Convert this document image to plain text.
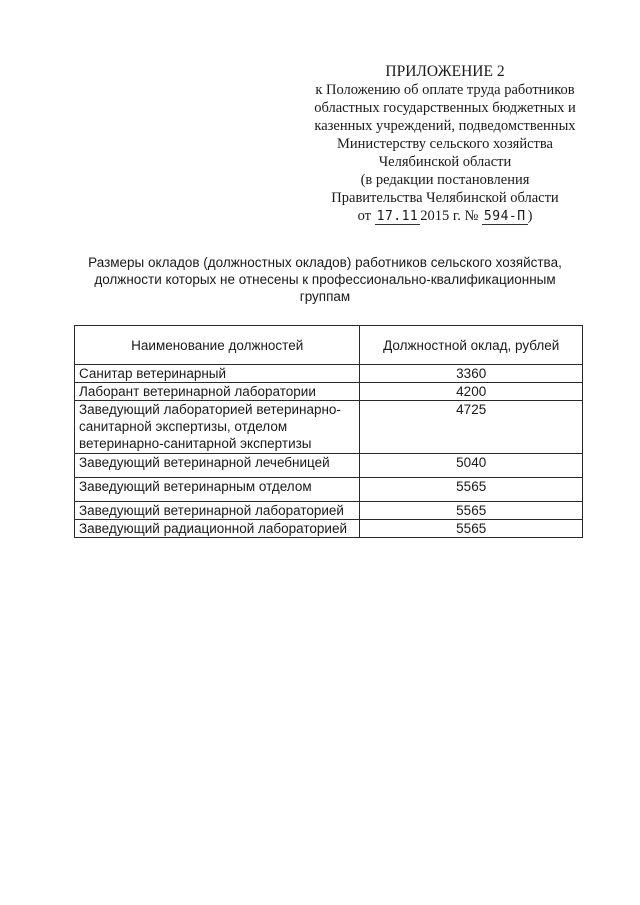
ПРИЛОЖЕНИЕ 2
к Положению об оплате труда работников
областных государственных бюджетных и
казенных учреждений, подведомственных
Министерству сельского хозяйства
Челябинской области
(в редакции постановления
Правительства Челябинской области
от 17.11 2015 г. № 594-П )
Размеры окладов (должностных окладов) работников сельского хозяйства,
должности которых не отнесены к профессионально-квалификационным
группам
Наименование должностей	Должностной оклад, рублей
Санитар ветеринарный	3360
Лаборант ветеринарной лаборатории	4200
Заведующий лабораторией ветеринарно-санитарной экспертизы, отделом ветеринарно-санитарной экспертизы	4725
Заведующий ветеринарной лечебницей	5040
Заведующий ветеринарным отделом	5565
Заведующий ветеринарной лабораторией	5565
Заведующий радиационной лабораторией	5565
